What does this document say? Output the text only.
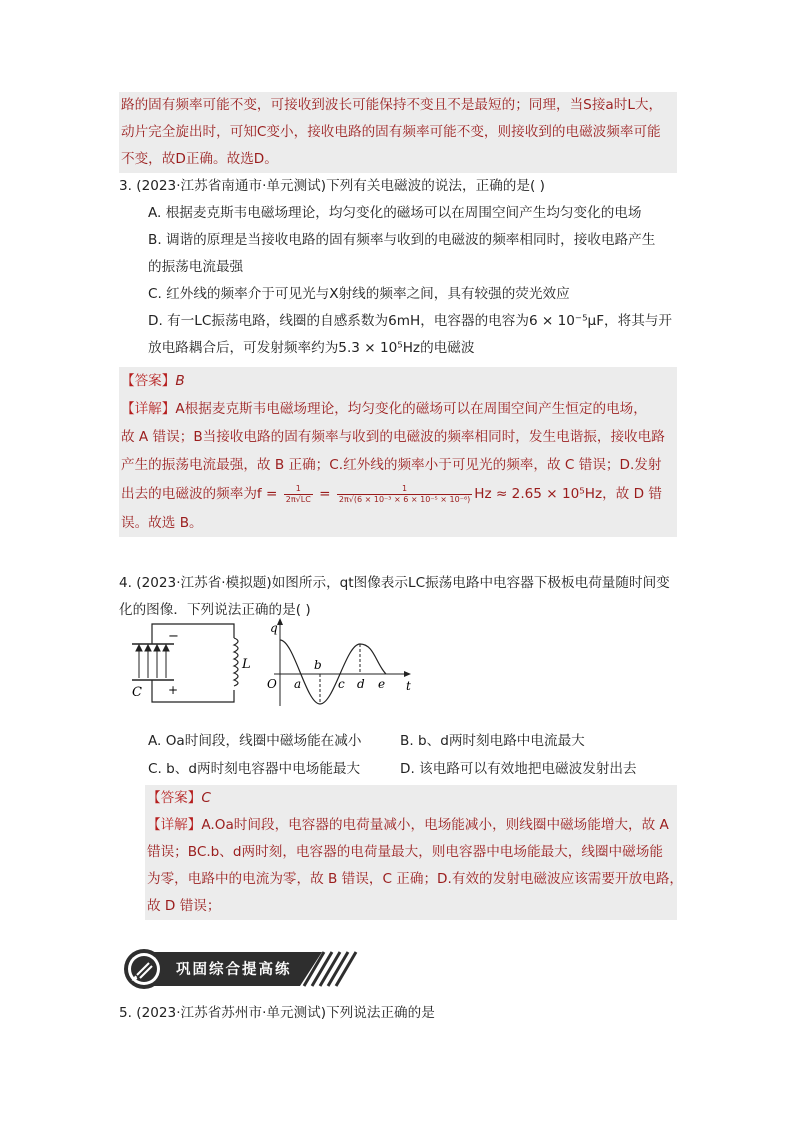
路的固有频率可能不变，可接收到波长可能保持不变且不是最短的；同理，当S接a时L大，

动片完全旋出时，可知C变小，接收电路的固有频率可能不变，则接收到的电磁波频率可能

不变，故D正确。故选D。

3. (2023·江苏省南通市·单元测试)下列有关电磁波的说法，正确的是( )

A. 根据麦克斯韦电磁场理论，均匀变化的磁场可以在周围空间产生均匀变化的电场

B. 调谐的原理是当接收电路的固有频率与收到的电磁波的频率相同时，接收电路产生

的振荡电流最强

C. 红外线的频率介于可见光与X射线的频率之间，具有较强的荧光效应

D. 有一LC振荡电路，线圈的自感系数为6mH，电容器的电容为6 × 10⁻⁵μF，将其与开

放电路耦合后，可发射频率约为5.3 × 10⁵Hz的电磁波

【答案】B

【详解】A根据麦克斯韦电磁场理论，均匀变化的磁场可以在周围空间产生恒定的电场，

故 A 错误；B当接收电路的固有频率与收到的电磁波的频率相同时，发生电谐振，接收电路

产生的振荡电流最强，故 B 正确；C.红外线的频率小于可见光的频率，故 C 错误；D.发射

出去的电磁波的频率为$f = \frac{1}{2\pi√LC} = \frac{1}{\text{2π√(6 × 10⁻³ × 6 × 10⁻⁵ × 10⁻⁶)}}$ Hz ≈ 2.65 × 10⁵Hz，故 D 错

误。故选 B。

4. (2023·江苏省·模拟题)如图所示，qt图像表示LC振荡电路中电容器下极板电荷量随时间变

化的图像．下列说法正确的是( )

−
+
C
L
q
t
O a
b
c d e
A. Oa时间段，线圈中磁场能在减小	B. b、d两时刻电路中电流最大
C. b、d两时刻电容器中电场能最大	D. 该电路可以有效地把电磁波发射出去

【答案】C

【详解】A.Oa时间段，电容器的电荷量减小，电场能减小，则线圈中磁场能增大，故 A

错误；BC.b、d两时刻，电容器的电荷量最大，则电容器中电场能最大，线圈中磁场能

为零，电路中的电流为零，故 B 错误，C 正确；D.有效的发射电磁波应该需要开放电路，

故 D 错误；

巩固综合提高练

5. (2023·江苏省苏州市·单元测试)下列说法正确的是
